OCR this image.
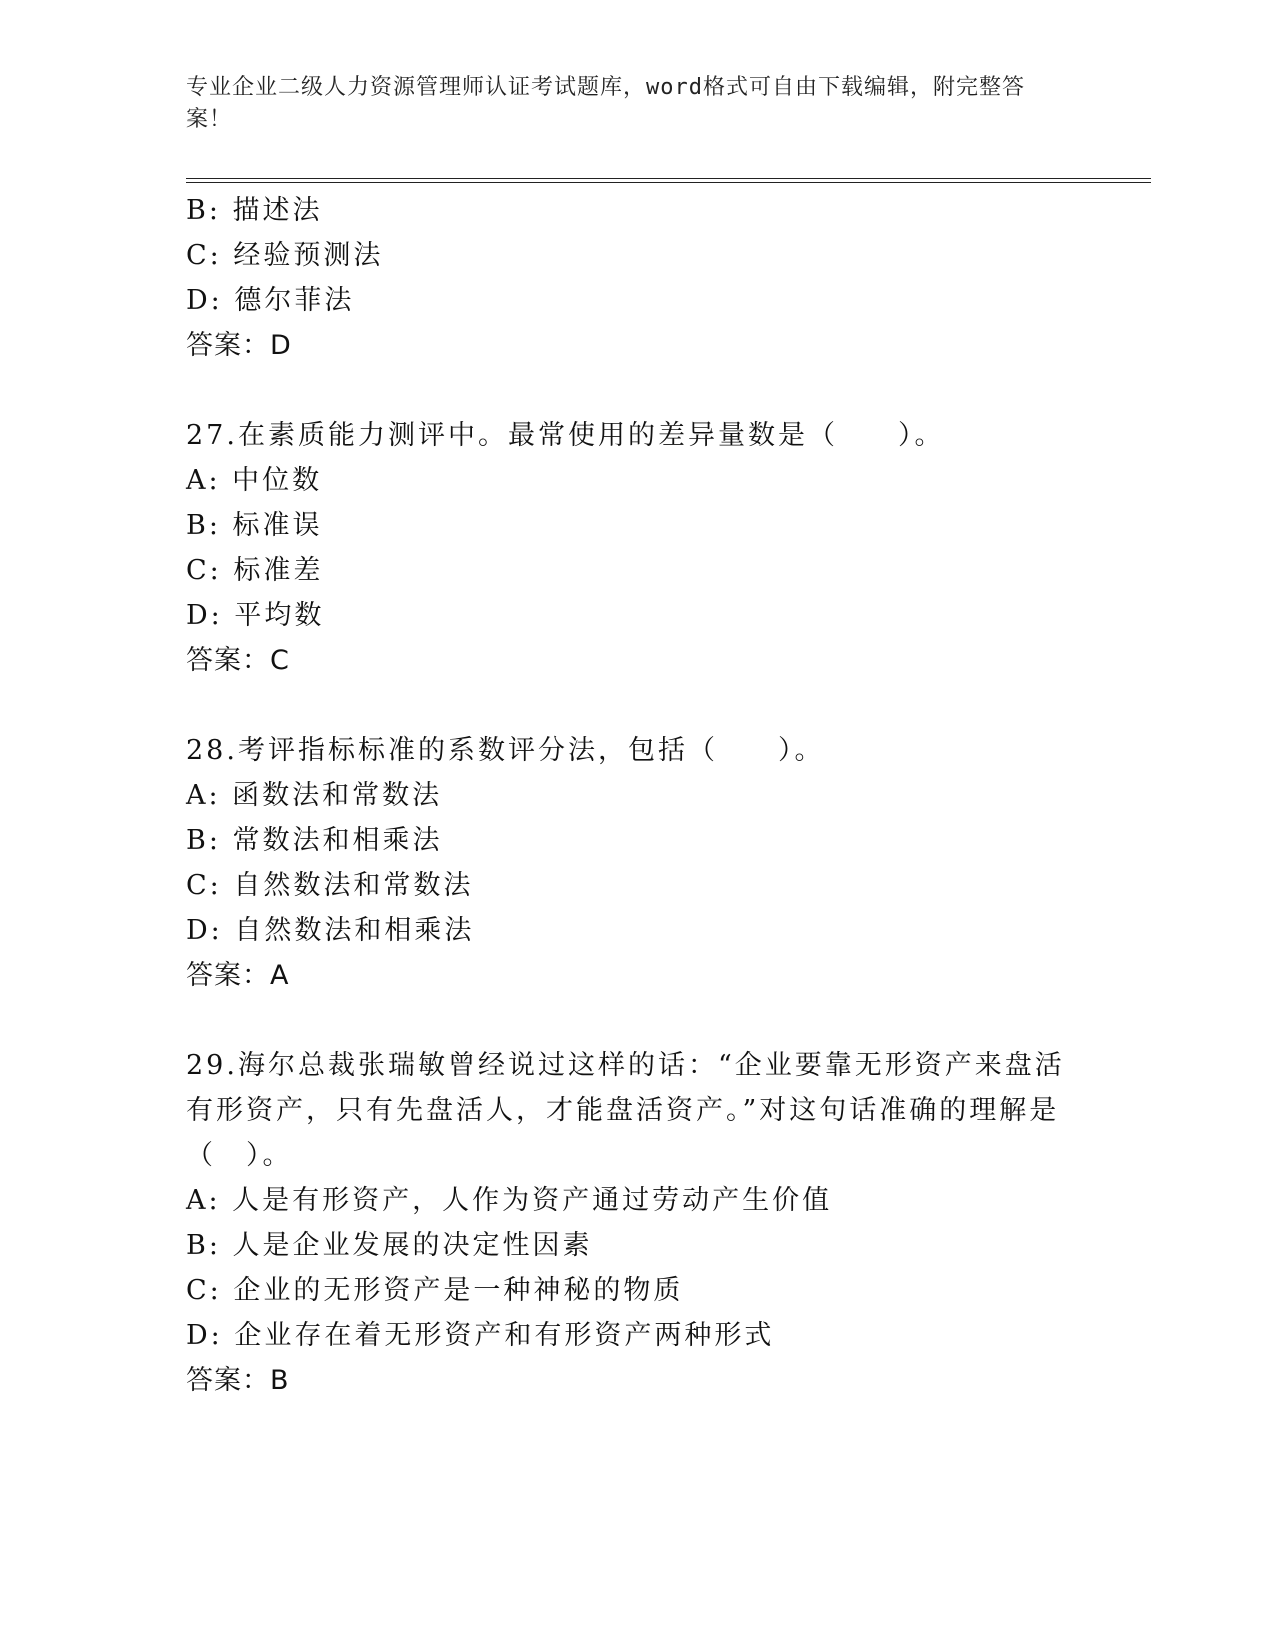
专业企业二级人力资源管理师认证考试题库，word格式可自由下载编辑，附完整答案！
B: 描述法
C: 经验预测法
D: 德尔菲法
答案：D
27.在素质能力测评中。最常使用的差异量数是（　　）。
A: 中位数
B: 标准误
C: 标准差
D: 平均数
答案：C
28.考评指标标准的系数评分法，包括（　　）。
A: 函数法和常数法
B: 常数法和相乘法
C: 自然数法和常数法
D: 自然数法和相乘法
答案：A
29.海尔总裁张瑞敏曾经说过这样的话：“企业要靠无形资产来盘活有形资产，只有先盘活人，才能盘活资产。”对这句话准确的理解是（　）。
A: 人是有形资产，人作为资产通过劳动产生价值
B: 人是企业发展的决定性因素
C: 企业的无形资产是一种神秘的物质
D: 企业存在着无形资产和有形资产两种形式
答案：B
